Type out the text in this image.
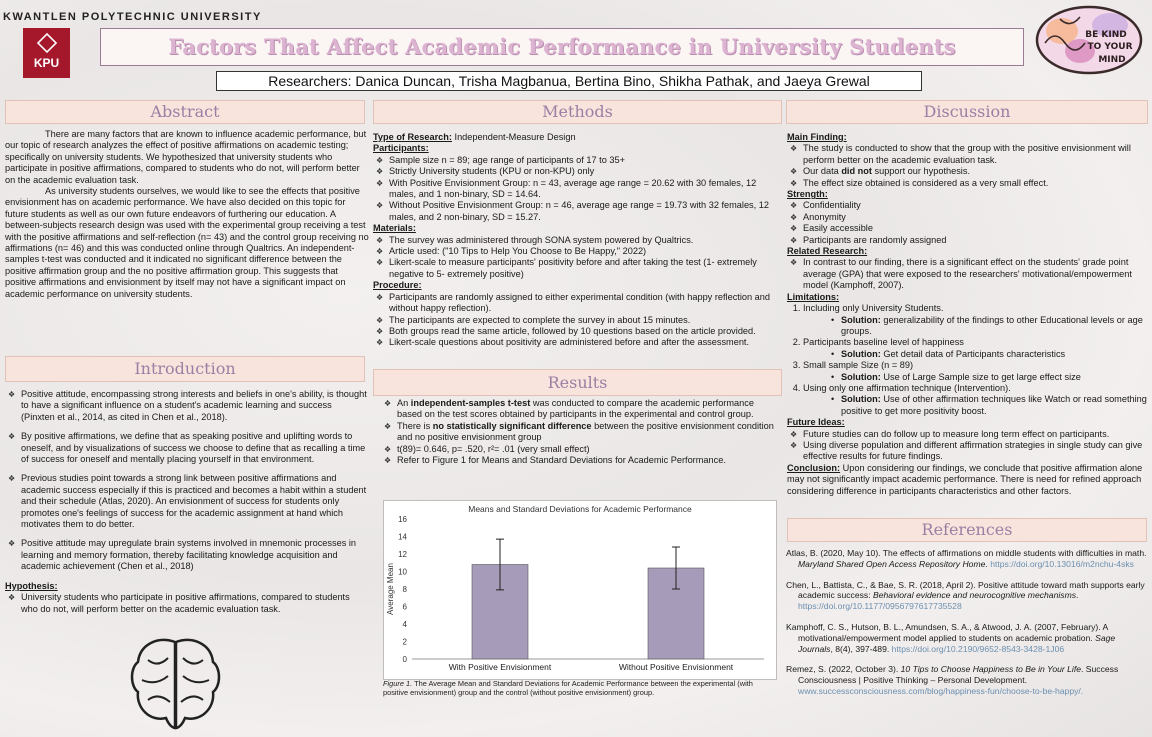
KWANTLEN POLYTECHNIC UNIVERSITY
KPU
Factors That Affect Academic Performance in University Students
Researchers: Danica Duncan, Trisha Magbanua, Bertina Bino, Shikha Pathak, and Jaeya Grewal
BE KIND
TO YOUR
MIND
Abstract

There are many factors that are known to influence academic performance, but our topic of research analyzes the effect of positive affirmations on academic testing; specifically on university students. We hypothesized that university students who participate in positive affirmations, compared to students who do not, will perform better on the academic evaluation task.

As university students ourselves, we would like to see the effects that positive envisionment has on academic performance. We have also decided on this topic for future students as well as our own future endeavors of furthering our education. A between-subjects research design was used with the experimental group receiving a test with the positive affirmations and self-reflection (n= 43) and the control group receiving no affirmations (n= 46) and this was conducted online through Qualtrics. An independent-samples t-test was conducted and it indicated no significant difference between the positive affirmation group and the no positive affirmation group. This suggests that positive affirmations and envisionment by itself may not have a significant impact on academic performance on university students.

Introduction
❖ Positive attitude, encompassing strong interests and beliefs in one's ability, is thought to have a significant influence on a student's academic learning and success (Pinxten et al., 2014, as cited in Chen et al., 2018).
❖ By positive affirmations, we define that as speaking positive and uplifting words to oneself, and by visualizations of success we choose to define that as recalling a time of success for oneself and mentally placing yourself in that environment.
❖ Previous studies point towards a strong link between positive affirmations and academic success especially if this is practiced and becomes a habit within a student and their schedule (Atlas, 2020). An envisionment of success for students only promotes one's feelings of success for the academic assignment at hand which motivates them to do better.
❖ Positive attitude may upregulate brain systems involved in mnemonic processes in learning and memory formation, thereby facilitating knowledge acquisition and academic achievement (Chen et al., 2018)
Hypothesis:
❖ University students who participate in positive affirmations, compared to students who do not, will perform better on the academic evaluation task.
Methods
Type of Research: Independent-Measure Design
Participants:
❖ Sample size n = 89; age range of participants of 17 to 35+
❖ Strictly University students (KPU or non-KPU) only
❖ With Positive Envisionment Group: n = 43, average age range = 20.62 with 30 females, 12 males, and 1 non-binary, SD = 14.64.
❖ Without Positive Envisionment Group: n = 46, average age range = 19.73 with 32 females, 12 males, and 2 non-binary, SD = 15.27.
Materials:
❖ The survey was administered through SONA system powered by Qualtrics.
❖ Article used: ("10 Tips to Help You Choose to Be Happy," 2022)
❖ Likert-scale to measure participants' positivity before and after taking the test (1- extremely negative to 5- extremely positive)
Procedure:
❖ Participants are randomly assigned to either experimental condition (with happy reflection and without happy reflection).
❖ The participants are expected to complete the survey in about 15 minutes.
❖ Both groups read the same article, followed by 10 questions based on the article provided.
❖ Likert-scale questions about positivity are administered before and after the assessment.
Results
❖ An independent-samples t-test was conducted to compare the academic performance based on the test scores obtained by participants in the experimental and control group.
❖ There is no statistically significant difference between the positive envisionment condition and no positive envisionment group
❖ t(89)= 0.646, p= .520, r²= .01 (very small effect)
❖ Refer to Figure 1 for Means and Standard Deviations for Academic Performance.
Means and Standard Deviations for Academic Performance
Average Mean
0
2
4
6
8
10
12
14
16
With Positive Envisionment	Without Positive Envisionment
Figure 1. The Average Mean and Standard Deviations for Academic Performance between the experimental (with positive envisionment) group and the control (without positive envisionment) group.
Discussion
Main Finding:
❖ The study is conducted to show that the group with the positive envisionment will perform better on the academic evaluation task.
❖ Our data did not support our hypothesis.
❖ The effect size obtained is considered as a very small effect.
Strength:
❖ Confidentiality
❖ Anonymity
❖ Easily accessible
❖ Participants are randomly assigned
Related Research:
❖ In contrast to our finding, there is a significant effect on the students' grade point average (GPA) that were exposed to the researchers' motivational/empowerment model (Kamphoff, 2007).
Limitations:
1. Including only University Students.
• Solution: generalizability of the findings to other Educational levels or age groups.
2. Participants baseline level of happiness
• Solution: Get detail data of Participants characteristics
3. Small sample Size (n = 89)
• Solution: Use of Large Sample size to get large effect size
4. Using only one affirmation technique (Intervention).
• Solution: Use of other affirmation techniques like Watch or read something positive to get more positivity boost.
Future Ideas:
❖ Future studies can do follow up to measure long term effect on participants.
❖ Using diverse population and different affirmation strategies in single study can give effective results for future findings.
Conclusion: Upon considering our findings, we conclude that positive affirmation alone may not significantly impact academic performance. There is need for refined approach considering difference in participants characteristics and other factors.
References

Atlas, B. (2020, May 10). The effects of affirmations on middle students with difficulties in math. Maryland Shared Open Access Repository Home. https://doi.org/10.13016/m2nchu-4sks

Chen, L., Battista, C., & Bae, S. R. (2018, April 2). Positive attitude toward math supports early academic success: Behavioral evidence and neurocognitive mechanisms. https://doi.org/10.1177/0956797617735528

Kamphoff, C. S., Hutson, B. L., Amundsen, S. A., & Atwood, J. A. (2007, February). A motivational/empowerment model applied to students on academic probation. Sage Journals, 8(4), 397-489. https://doi.org/10.2190/9652-8543-3428-1J06

Remez, S. (2022, October 3). 10 Tips to Choose Happiness to Be in Your Life. Success Consciousness | Positive Thinking – Personal Development. www.successconsciousness.com/blog/happiness-fun/choose-to-be-happy/.
